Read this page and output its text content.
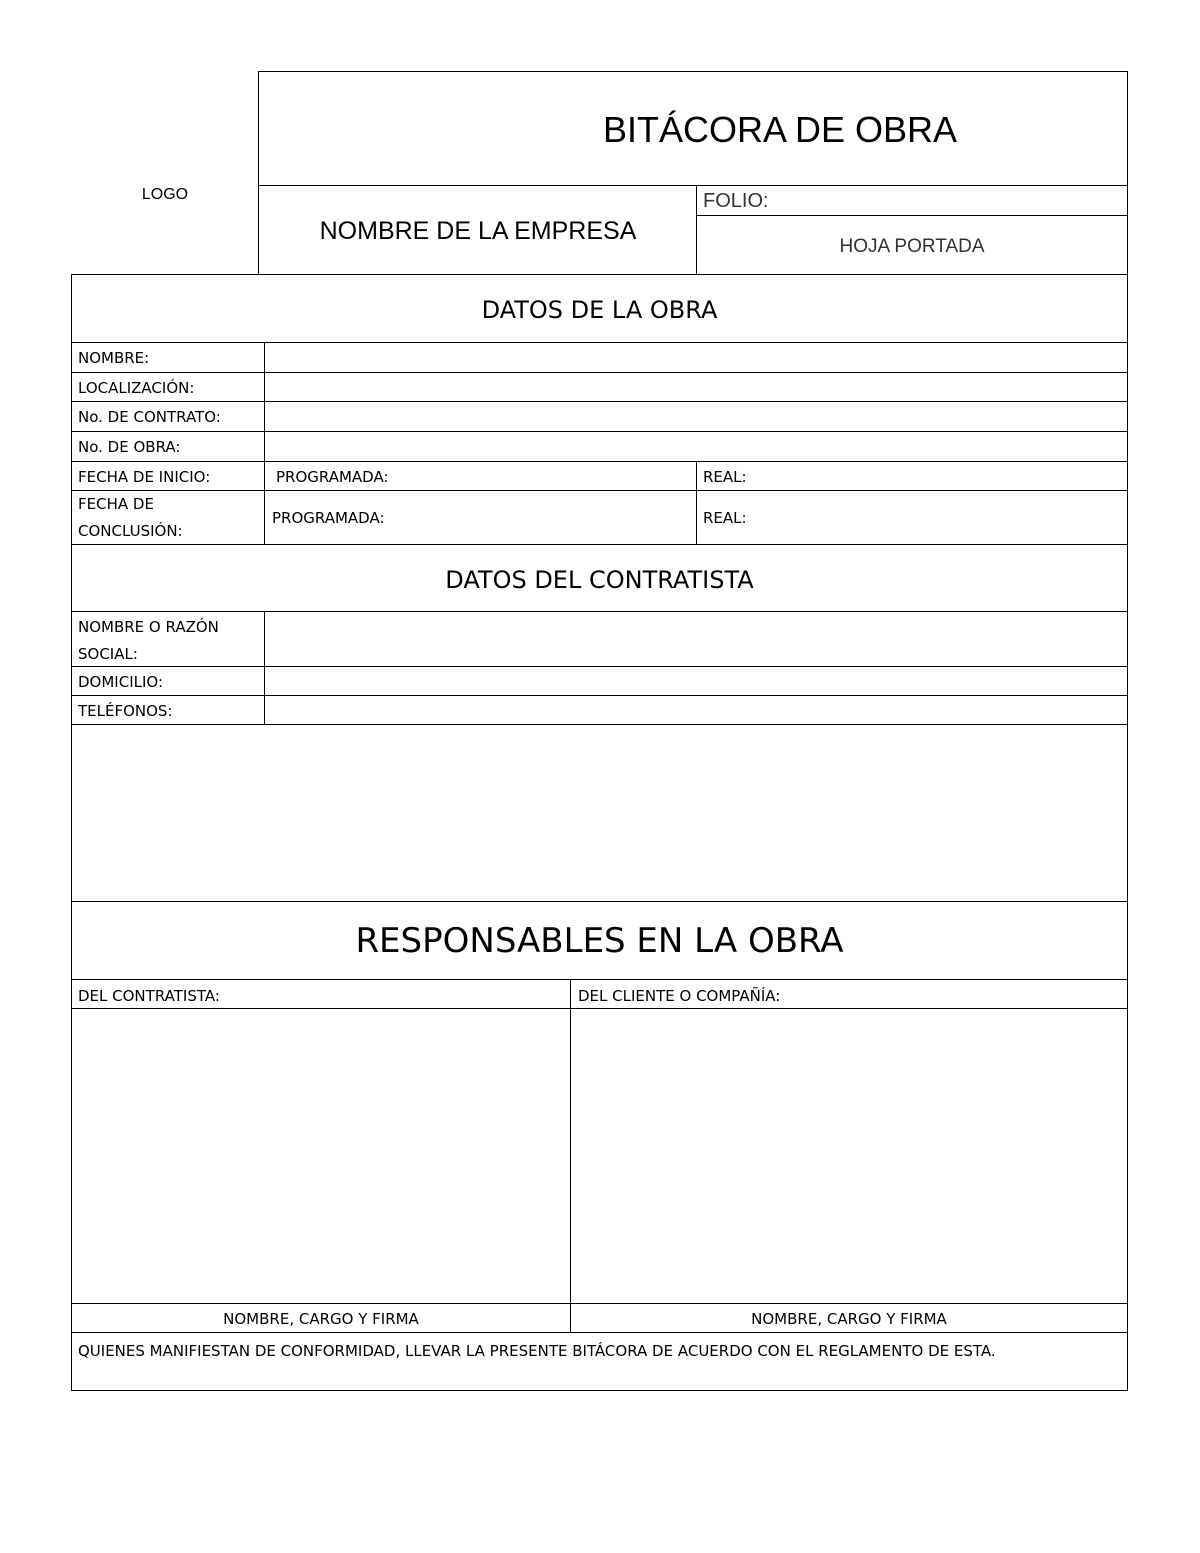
LOGO
BITÁCORA DE OBRA
NOMBRE DE LA EMPRESA
FOLIO:
HOJA PORTADA
DATOS DE LA OBRA
NOMBRE:
LOCALIZACIÓN:
No. DE CONTRATO:
No. DE OBRA:
FECHA DE INICIO:	PROGRAMADA:	REAL:
FECHA DE
CONCLUSIÓN:
PROGRAMADA:	REAL:
DATOS DEL CONTRATISTA
NOMBRE O RAZÓN
SOCIAL:
DOMICILIO:
TELÉFONOS:
RESPONSABLES EN LA OBRA
DEL CONTRATISTA:	DEL CLIENTE O COMPAÑÍA:
NOMBRE, CARGO Y FIRMA	NOMBRE, CARGO Y FIRMA
QUIENES MANIFIESTAN DE CONFORMIDAD, LLEVAR LA PRESENTE BITÁCORA DE ACUERDO CON EL REGLAMENTO DE ESTA.
